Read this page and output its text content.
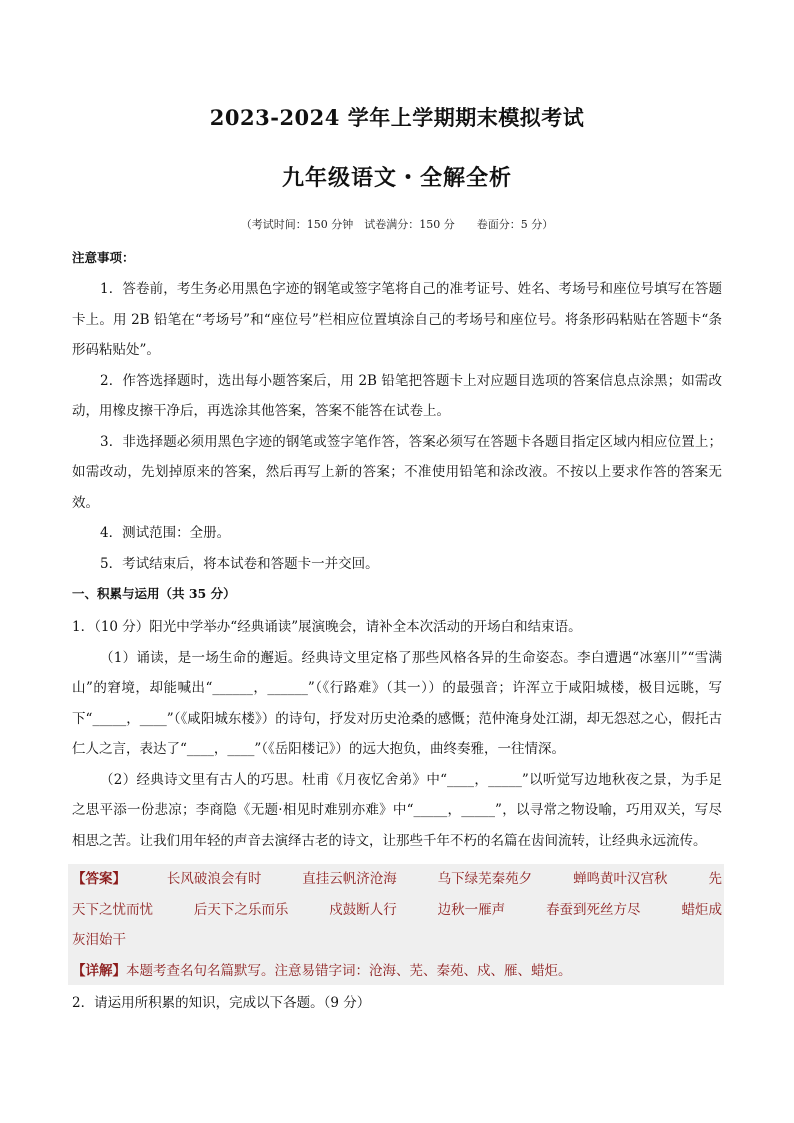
2023-2024 学年上学期期末模拟考试
九年级语文・全解全析
（考试时间：150 分钟　试卷满分：150 分　　卷面分：5 分）
注意事项：

1．答卷前，考生务必用黑色字迹的钢笔或签字笔将自己的准考证号、姓名、考场号和座位号填写在答题卡上。用 2B 铅笔在“考场号”和“座位号”栏相应位置填涂自己的考场号和座位号。将条形码粘贴在答题卡“条形码粘贴处”。

2．作答选择题时，选出每小题答案后，用 2B 铅笔把答题卡上对应题目选项的答案信息点涂黑；如需改动，用橡皮擦干净后，再选涂其他答案，答案不能答在试卷上。

3．非选择题必须用黑色字迹的钢笔或签字笔作答，答案必须写在答题卡各题目指定区域内相应位置上；如需改动，先划掉原来的答案，然后再写上新的答案；不准使用铅笔和涂改液。不按以上要求作答的答案无效。

4．测试范围：全册。

5．考试结束后，将本试卷和答题卡一并交回。

一、积累与运用（共 35 分）

1．（10 分）阳光中学举办“经典诵读”展演晚会，请补全本次活动的开场白和结束语。

（1）诵读，是一场生命的邂逅。经典诗文里定格了那些风格各异的生命姿态。李白遭遇“冰塞川”“雪满山”的窘境，却能喊出“______，______”（《行路难》（其一））的最强音；许浑立于咸阳城楼，极目远眺，写下“_____，____”（《咸阳城东楼》）的诗句，抒发对历史沧桑的感慨；范仲淹身处江湖，却无怨怼之心，假托古仁人之言，表达了“____，____”（《岳阳楼记》）的远大抱负，曲终奏雅，一往情深。

（2）经典诗文里有古人的巧思。杜甫《月夜忆舍弟》中“____，_____”以听觉写边地秋夜之景，为手足之思平添一份悲凉；李商隐《无题·相见时难别亦难》中“_____，_____”，以寻常之物设喻，巧用双关，写尽相思之苦。让我们用年轻的声音去演绎古老的诗文，让那些千年不朽的名篇在齿间流转，让经典永远流传。

【答案】	长风破浪会有时	直挂云帆济沧海	乌下绿芜秦苑夕	蝉鸣黄叶汉宫秋	先
天下之忧而忧	后天下之乐而乐	戍鼓断人行	边秋一雁声	春蚕到死丝方尽	蜡炬成
灰泪始干
【详解】 本题考查名句名篇默写。注意易错字词：沧海、芜、秦苑、戍、雁、蜡炬。
2．请运用所积累的知识，完成以下各题。（9 分）
